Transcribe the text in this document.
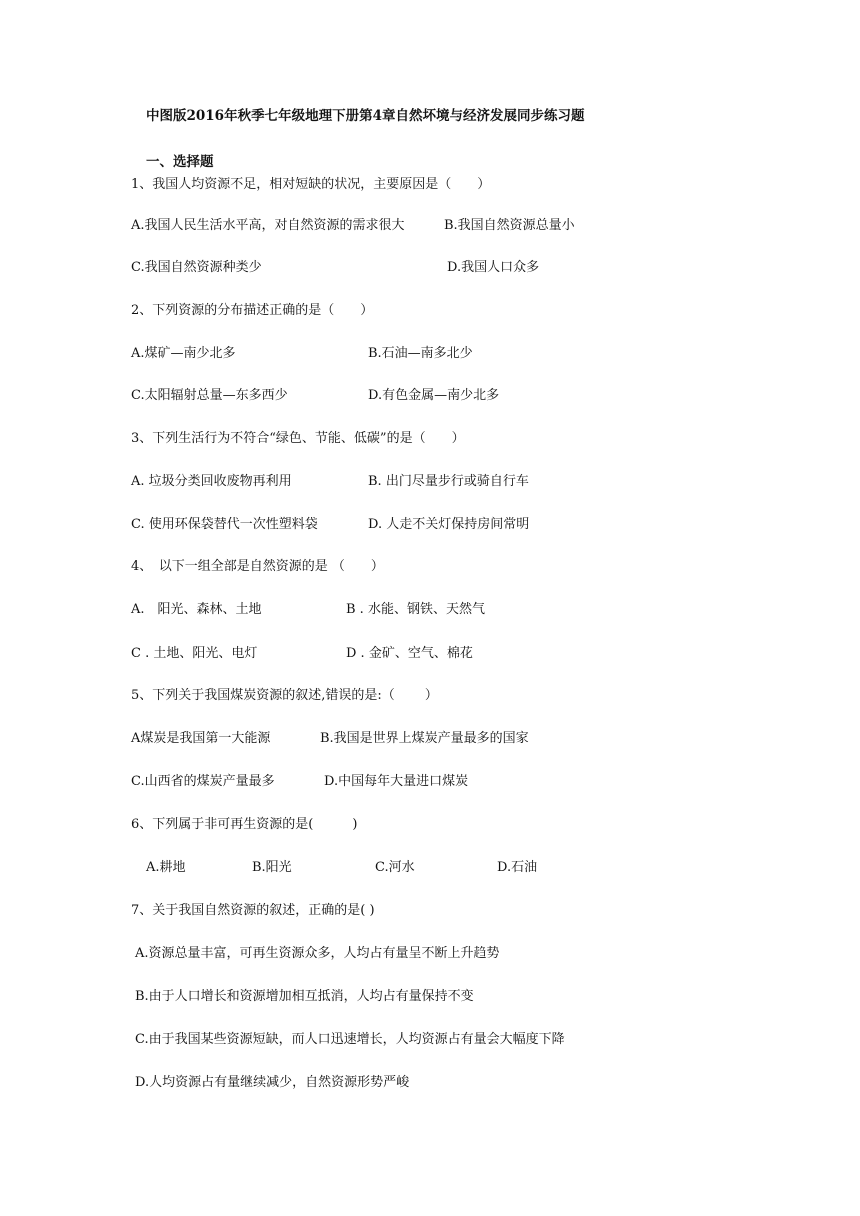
中图版2016年秋季七年级地理下册第4章自然坏境与经济发展同步练习题
一、选择题
1、我国人均资源不足，相对短缺的状况，主要原因是（　　）
A.我国人民生活水平高，对自然资源的需求很大	B.我国自然资源总量小
C.我国自然资源种类少	D.我国人口众多
2、下列资源的分布描述正确的是（　　）
A.煤矿—南少北多	B.石油—南多北少
C.太阳辐射总量—东多西少	D.有色金属—南少北多
3、下列生活行为不符合“绿色、节能、低碳”的是（　　）
A. 垃圾分类回收废物再利用	B. 出门尽量步行或骑自行车
C. 使用环保袋替代一次性塑料袋	D. 人走不关灯保持房间常明
4、　以下一组全部是自然资源的是 （　　）
A.　阳光、森林、土地	B . 水能、钢铁、天然气
C . 土地、阳光、电灯	D . 金矿、空气、棉花
5、下列关于我国煤炭资源的叙述,错误的是:（　　 ）
A煤炭是我国第一大能源	B.我国是世界上煤炭产量最多的国家
C.山西省的煤炭产量最多	D.中国每年大量进口煤炭
6、下列属于非可再生资源的是(　　　)
A.耕地	B.阳光	C.河水	D.石油
7、关于我国自然资源的叙述，正确的是( )
A.资源总量丰富，可再生资源众多，人均占有量呈不断上升趋势
B.由于人口增长和资源增加相互抵消，人均占有量保持不变
C.由于我国某些资源短缺，而人口迅速增长，人均资源占有量会大幅度下降
D.人均资源占有量继续减少，自然资源形势严峻
